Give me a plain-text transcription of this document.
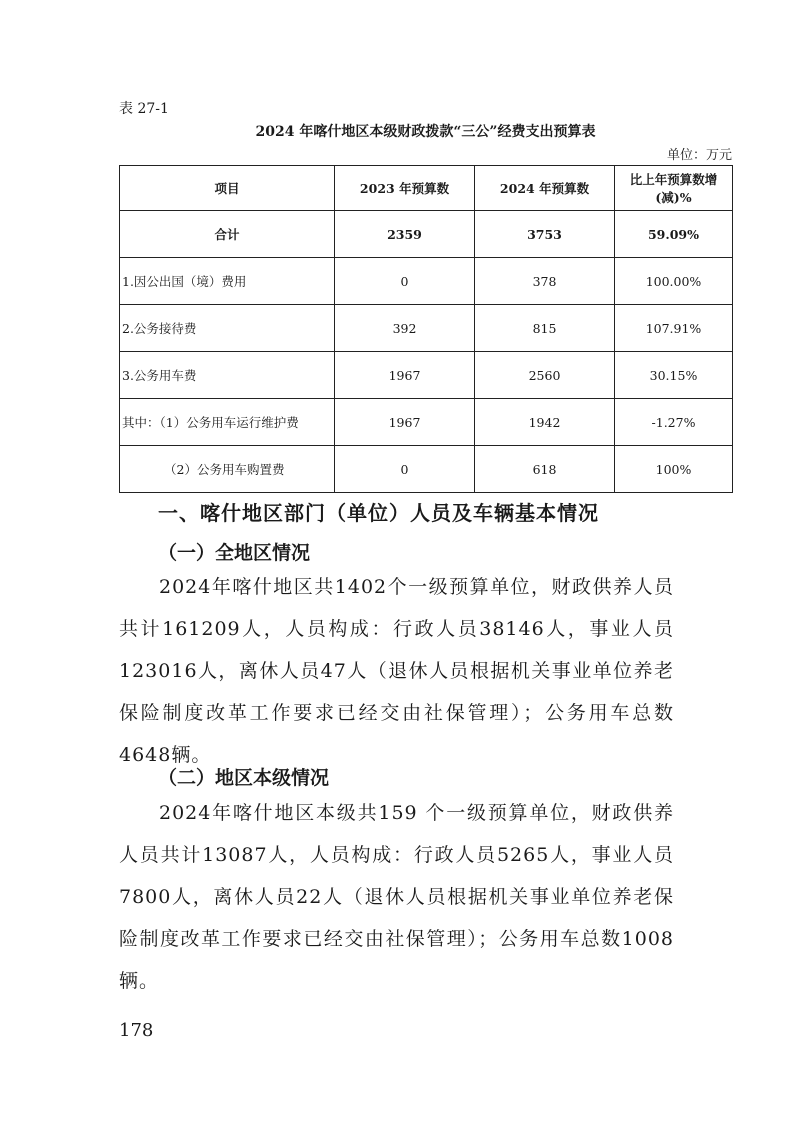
表 27-1
2024 年喀什地区本级财政拨款“三公”经费支出预算表
单位：万元
项目	2023 年预算数	2024 年预算数	比上年预算数增(减)%
合计	2359	3753	59.09%
1.因公出国（境）费用	0	378	100.00%
2.公务接待费	392	815	107.91%
3.公务用车费	1967	2560	30.15%
其中：（1）公务用车运行维护费	1967	1942	-1.27%
（2）公务用车购置费	0	618	100%
一、喀什地区部门（单位）人员及车辆基本情况
（一）全地区情况

2024年喀什地区共1402个一级预算单位，财政供养人员共计161209人，人员构成：行政人员38146人，事业人员123016人，离休人员47人（退休人员根据机关事业单位养老保险制度改革工作要求已经交由社保管理）；公务用车总数4648辆。

（二）地区本级情况

2024年喀什地区本级共159 个一级预算单位，财政供养人员共计13087人，人员构成：行政人员5265人，事业人员7800人，离休人员22人（退休人员根据机关事业单位养老保险制度改革工作要求已经交由社保管理）；公务用车总数1008辆。

178
